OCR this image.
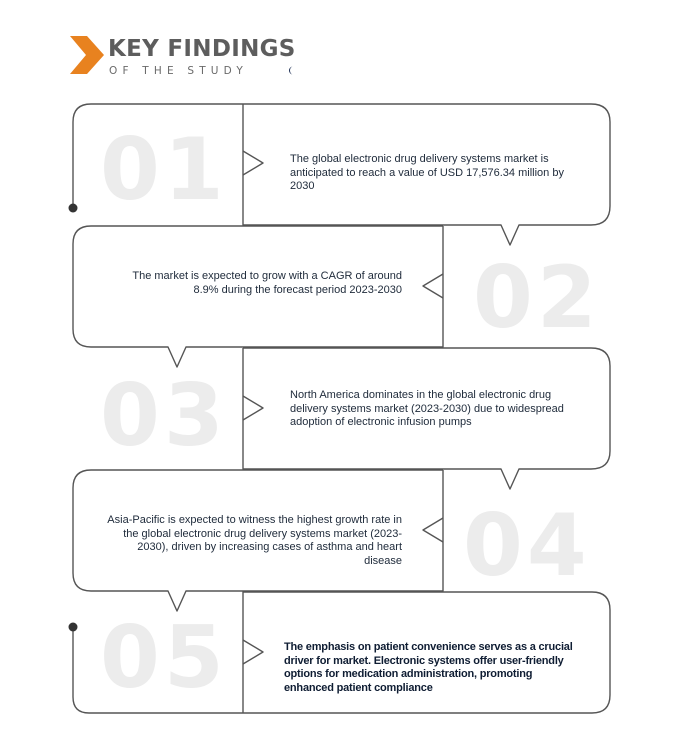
KEY FINDINGS

OF THE STUDY

01
02
03
04
05

The global electronic drug delivery systems market is anticipated to reach a value of USD 17,576.34 million by 2030

The market is expected to grow with a CAGR of around 8.9% during the forecast period 2023-2030

North America dominates in the global electronic drug delivery systems market (2023-2030) due to widespread adoption of electronic infusion pumps

Asia-Pacific is expected to witness the highest growth rate in the global electronic drug delivery systems market (2023-2030), driven by increasing cases of asthma and heart disease

The emphasis on patient convenience serves as a crucial driver for market. Electronic systems offer user-friendly options for medication administration, promoting enhanced patient compliance
